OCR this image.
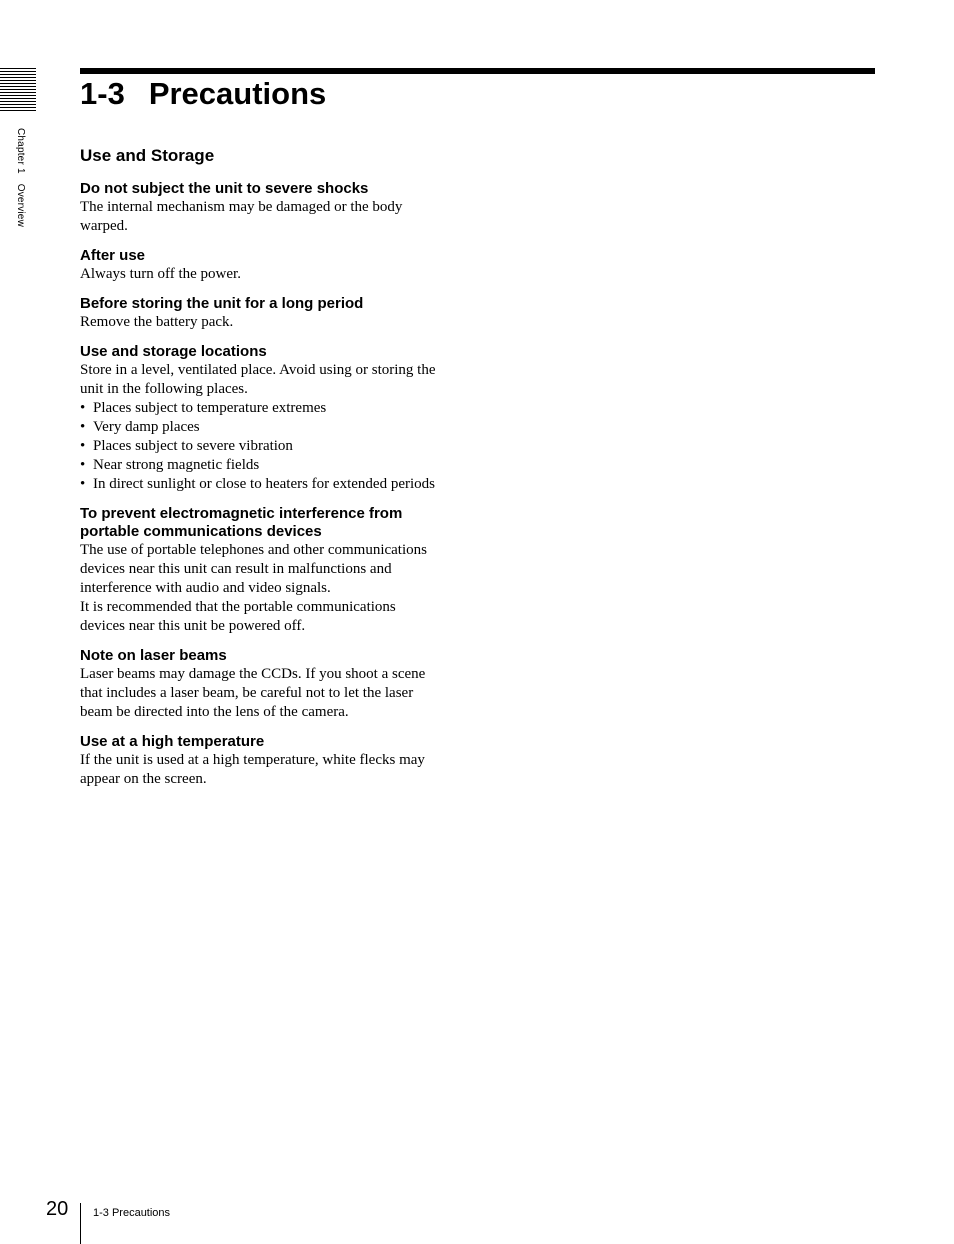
Chapter 1Overview
1-3 Precautions
Use and Storage
Do not subject the unit to severe shocks

The internal mechanism may be damaged or the body
warped.

After use

Always turn off the power.

Before storing the unit for a long period

Remove the battery pack.

Use and storage locations

Store in a level, ventilated place. Avoid using or storing the
unit in the following places.

• Places subject to temperature extremes
• Very damp places
• Places subject to severe vibration
• Near strong magnetic fields
• In direct sunlight or close to heaters for extended periods
To prevent electromagnetic interference from
portable communications devices

The use of portable telephones and other communications
devices near this unit can result in malfunctions and
interference with audio and video signals.
It is recommended that the portable communications
devices near this unit be powered off.

Note on laser beams

Laser beams may damage the CCDs. If you shoot a scene
that includes a laser beam, be careful not to let the laser
beam be directed into the lens of the camera.

Use at a high temperature

If the unit is used at a high temperature, white flecks may
appear on the screen.

20 1-3 Precautions
